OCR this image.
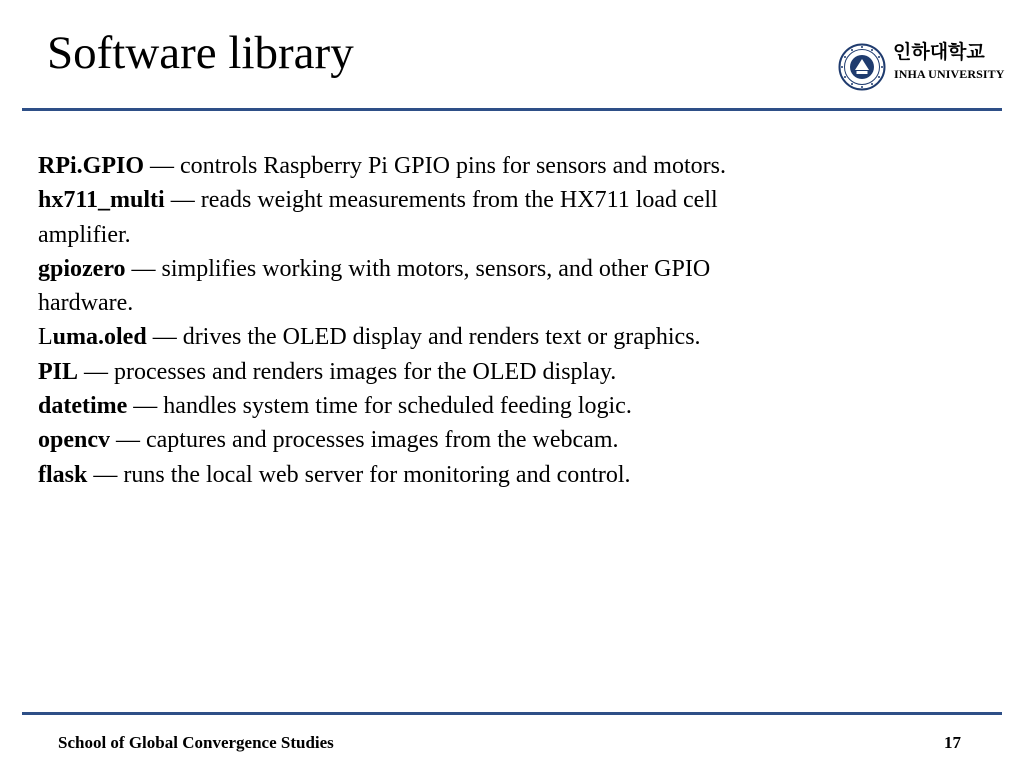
Software library	인하대학교
INHA UNIVERSITY

RPi.GPIO — controls Raspberry Pi GPIO pins for sensors and motors.

hx711_multi — reads weight measurements from the HX711 load cell amplifier.

gpiozero — simplifies working with motors, sensors, and other GPIO hardware.

Luma.oled — drives the OLED display and renders text or graphics.

PIL — processes and renders images for the OLED display.

datetime — handles system time for scheduled feeding logic.

opencv — captures and processes images from the webcam.

flask — runs the local web server for monitoring and control.

School of Global Convergence Studies	17
